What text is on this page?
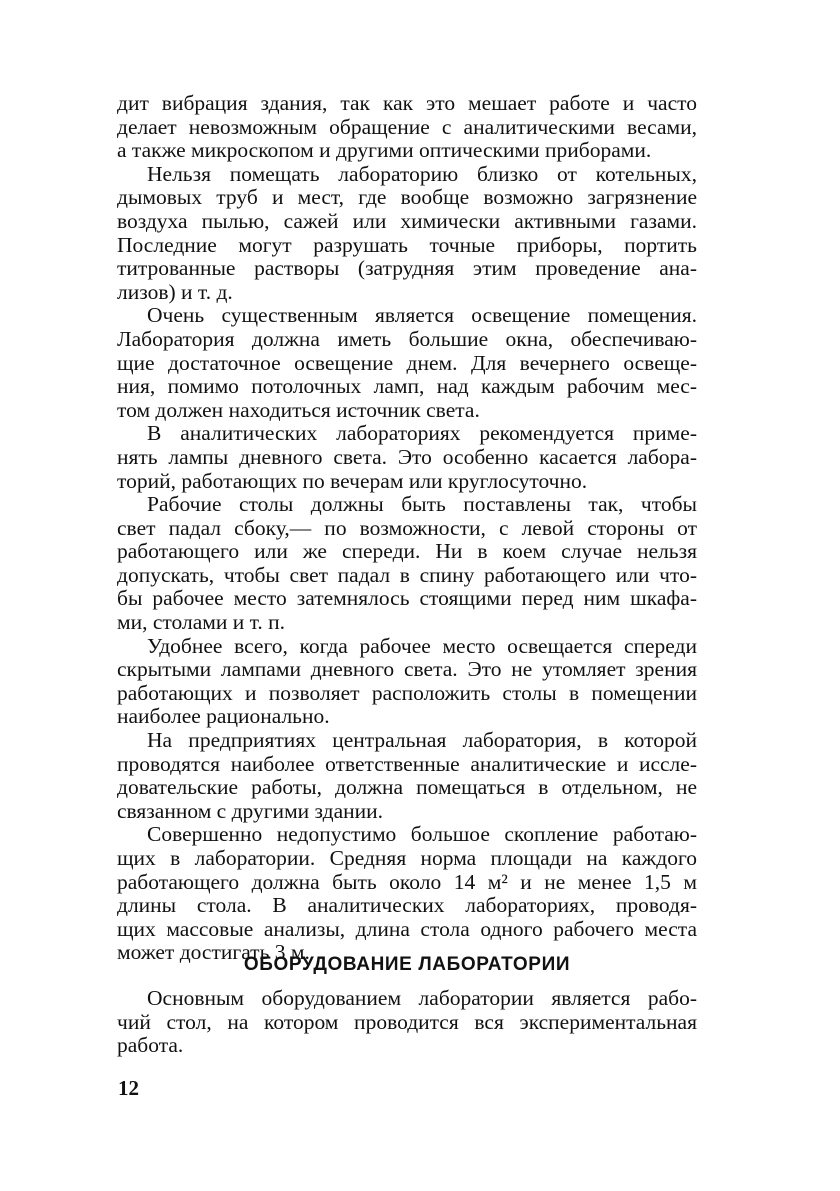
дит вибрация здания, так как это мешает работе и часто
делает невозможным обращение с аналитическими весами,
а также микроскопом и другими оптическими приборами.
Нельзя помещать лабораторию близко от котельных,
дымовых труб и мест, где вообще возможно загрязнение
воздуха пылью, сажей или химически активными газами.
Последние могут разрушать точные приборы, портить
титрованные растворы (затрудняя этим проведение ана-
лизов) и т. д.
Очень существенным является освещение помещения.
Лаборатория должна иметь большие окна, обеспечиваю-
щие достаточное освещение днем. Для вечернего освеще-
ния, помимо потолочных ламп, над каждым рабочим мес-
том должен находиться источник света.
В аналитических лабораториях рекомендуется приме-
нять лампы дневного света. Это особенно касается лабора-
торий, работающих по вечерам или круглосуточно.
Рабочие столы должны быть поставлены так, чтобы
свет падал сбоку,— по возможности, с левой стороны от
работающего или же спереди. Ни в коем случае нельзя
допускать, чтобы свет падал в спину работающего или что-
бы рабочее место затемнялось стоящими перед ним шкафа-
ми, столами и т. п.
Удобнее всего, когда рабочее место освещается спереди
скрытыми лампами дневного света. Это не утомляет зрения
работающих и позволяет расположить столы в помещении
наиболее рационально.
На предприятиях центральная лаборатория, в которой
проводятся наиболее ответственные аналитические и иссле-
довательские работы, должна помещаться в отдельном, не
связанном с другими здании.
Совершенно недопустимо большое скопление работаю-
щих в лаборатории. Средняя норма площади на каждого
работающего должна быть около 14 м² и не менее 1,5 м
длины стола. В аналитических лабораториях, проводя-
щих массовые анализы, длина стола одного рабочего места
может достигать 3 м.
ОБОРУДОВАНИЕ ЛАБОРАТОРИИ
Основным оборудованием лаборатории является рабо-
чий стол, на котором проводится вся экспериментальная
работа.
12
